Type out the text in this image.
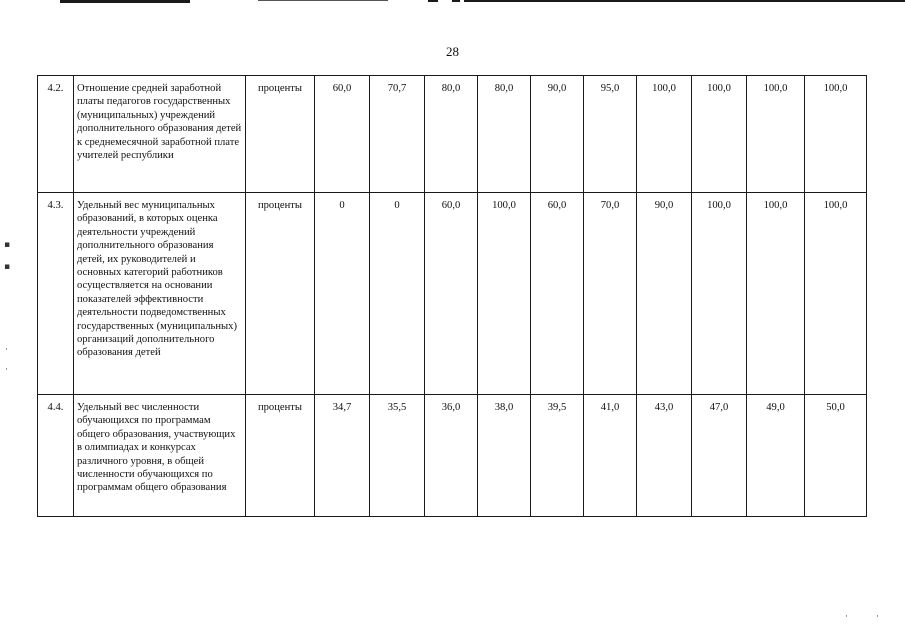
28
▪
▪
·
·
·	·
4.2.	Отношение средней заработной платы педагогов государственных (муниципальных) учреждений дополнительного образования детей к среднемесячной заработной плате учителей республики	проценты	60,0	70,7	80,0	80,0	90,0	95,0	100,0	100,0	100,0	100,0
4.3.	Удельный вес муниципальных образований, в которых оценка деятельности учреждений дополнительного образования детей, их руководителей и основных категорий работников осуществляется на основании показателей эффективности деятельности подведомственных государственных (муниципальных) организаций дополнительного образования детей	проценты	0	0	60,0	100,0	60,0	70,0	90,0	100,0	100,0	100,0
4.4.	Удельный вес численности обучающихся по программам общего образования, участвующих в олимпиадах и конкурсах различного уровня, в общей численности обучающихся по программам общего образования	проценты	34,7	35,5	36,0	38,0	39,5	41,0	43,0	47,0	49,0	50,0
